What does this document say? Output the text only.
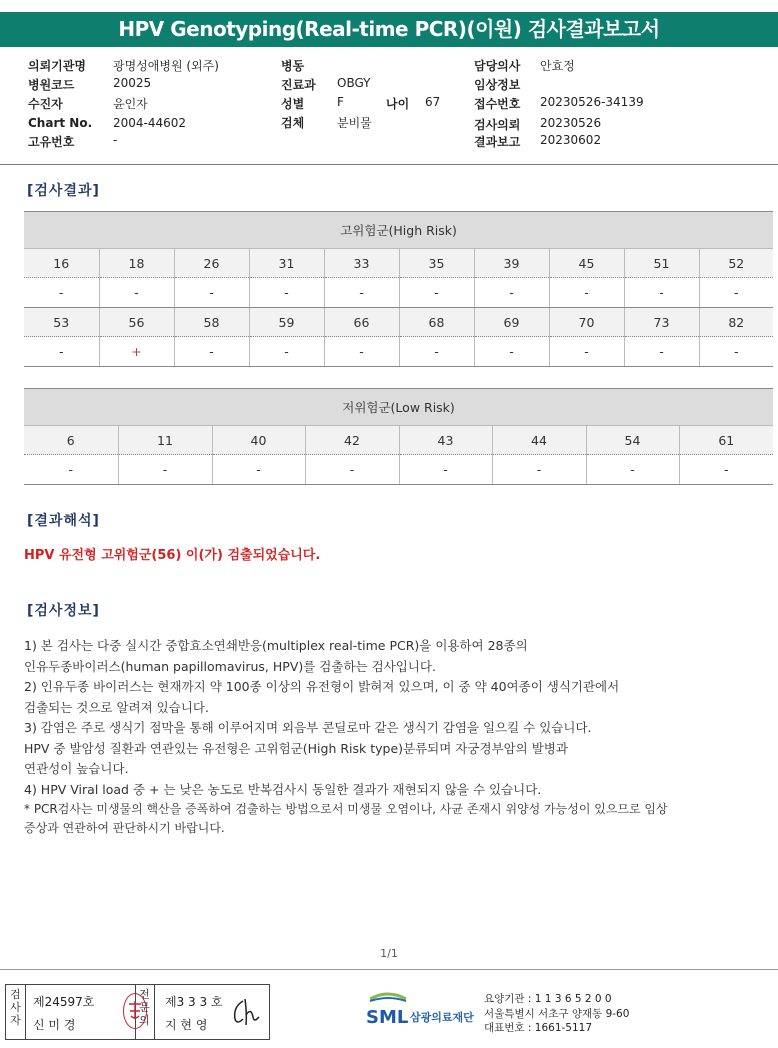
HPV Genotyping(Real-time PCR)(이원) 검사결과보고서
의뢰기관명 광명성애병원 (외주)
병원코드	20025
수진자	윤인자
Chart No. 2004-44602
고유번호	-
병동
진료과 OBGY
성별	F	나이 67
검체	분비물
담당의사 안효정
임상정보
접수번호 20230526-34139
검사의뢰 20230526
결과보고 20230602
[검사결과]
고위험군(High Risk)									
16	18	26	31	33	35	39	45	51	52
-	-	-	-	-	-	-	-	-	-
53	56	58	59	66	68	69	70	73	82
-	+	-	-	-	-	-	-	-	-
저위험군(Low Risk)							
6	11	40	42	43	44	54	61
-	-	-	-	-	-	-	-
[결과해석]
HPV 유전형 고위험군(56) 이(가) 검출되었습니다.
[검사정보]
1) 본 검사는 다중 실시간 중합효소연쇄반응(multiplex real-time PCR)을 이용하여 28종의
인유두종바이러스(human papillomavirus, HPV)를 검출하는 검사입니다.
2) 인유두종 바이러스는 현재까지 약 100종 이상의 유전형이 밝혀져 있으며, 이 중 약 40여종이 생식기관에서
검출되는 것으로 알려져 있습니다.
3) 감염은 주로 생식기 점막을 통해 이루어지며 외음부 콘딜로마 같은 생식기 감염을 일으킬 수 있습니다.
HPV 중 발암성 질환과 연관있는 유전형은 고위험군(High Risk type)분류되며 자궁경부암의 발병과
연관성이 높습니다.
4) HPV Viral load 중 + 는 낮은 농도로 반복검사시 동일한 결과가 재현되지 않을 수 있습니다.
* PCR검사는 미생물의 핵산을 증폭하여 검출하는 방법으로서 미생물 오염이나, 사균 존재시 위양성 가능성이 있으므로 임상
증상과 연관하여 판단하시기 바랍니다.
1/1
검사자
제24597호
신 미 경
전문의
제3 3 3 호
지 현 영	SML 삼광의료재단
요양기관 : 1 1 3 6 5 2 0 0
서울특별시 서초구 양재동 9-60
대표번호 : 1661-5117
